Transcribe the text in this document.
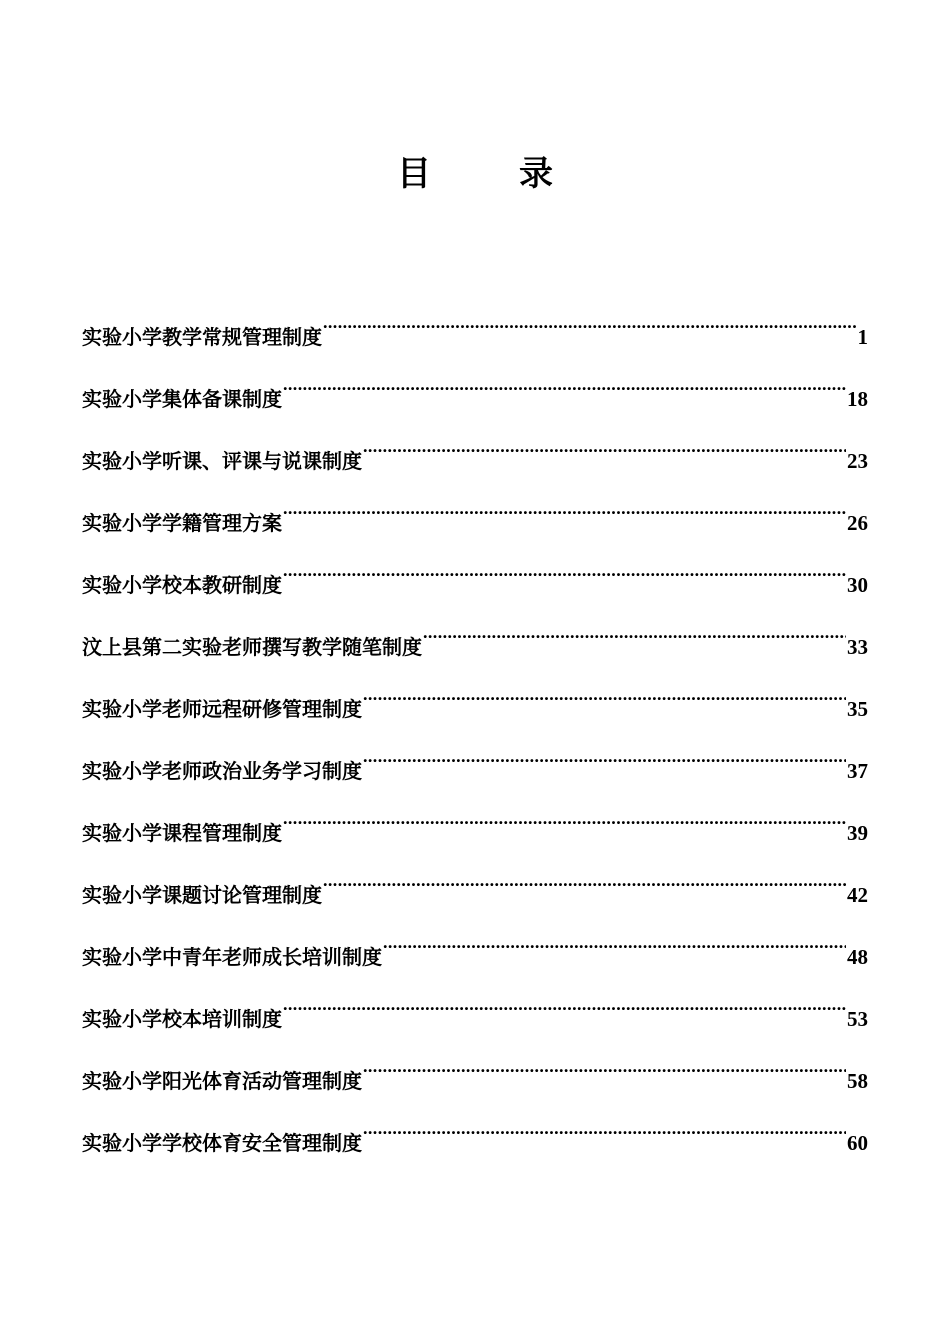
目	录
实验小学教学常规管理制度 .....	1
实验小学集体备课制度 .....	18
实验小学听课、评课与说课制度 .....	23
实验小学学籍管理方案 .....	26
实验小学校本教研制度 .....	30
汶上县第二实验老师撰写教学随笔制度 .....	33
实验小学老师远程研修管理制度 .....	35
实验小学老师政治业务学习制度 .....	37
实验小学课程管理制度 .....	39
实验小学课题讨论管理制度 .....	42
实验小学中青年老师成长培训制度 .....	48
实验小学校本培训制度 .....	53
实验小学阳光体育活动管理制度 .....	58
实验小学学校体育安全管理制度 .....	60
